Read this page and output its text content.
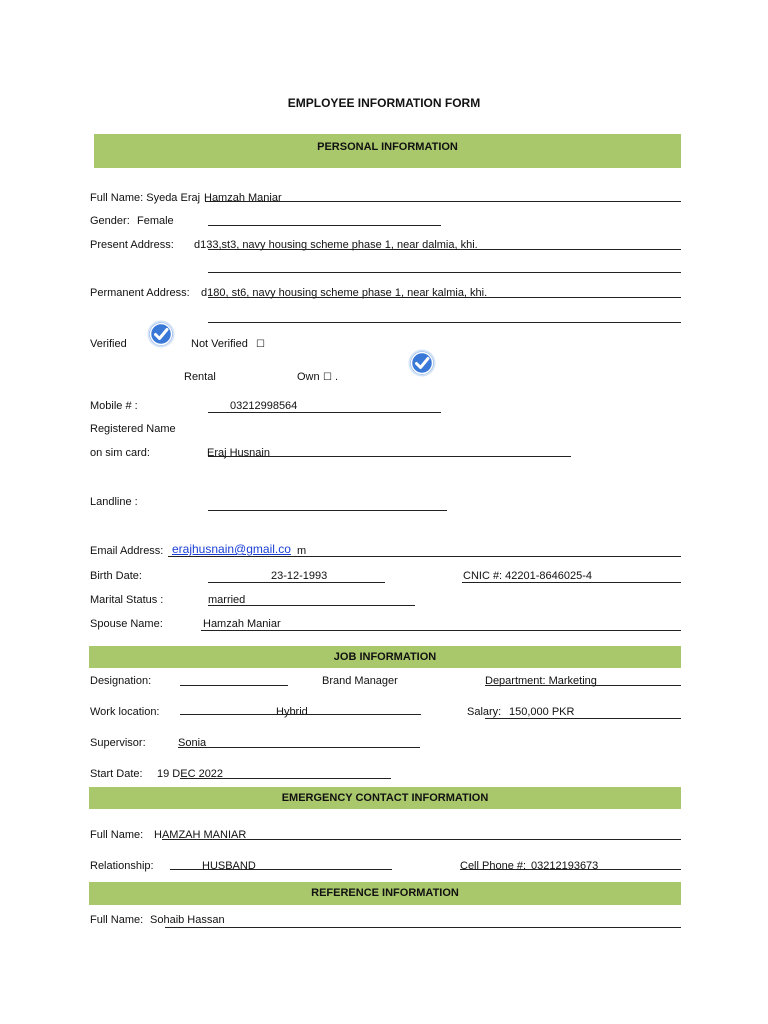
EMPLOYEE INFORMATION FORM
PERSONAL INFORMATION
Full Name: Syeda Eraj Hamzah Maniar
Gender: Female
Present Address: d133,st3, navy housing scheme phase 1, near dalmia, khi.
Permanent Address: d180, st6, navy housing scheme phase 1, near kalmia, khi.
Verified	Not Verified ☐
Rental	Own ☐ .
Mobile # :	03212998564
Registered Name
on sim card:	Eraj Husnain
Landline :
Email Address: erajhusnain@gmail.co m
Birth Date:	23-12-1993	CNIC #: 42201-8646025-4
Marital Status :	married
Spouse Name:	Hamzah Maniar
JOB INFORMATION
Designation:	Brand Manager	Department: Marketing
Work location:	Hybrid	Salary: 150,000 PKR
Supervisor:	Sonia
Start Date: 19 DEC 2022
EMERGENCY CONTACT INFORMATION
Full Name: HAMZAH MANIAR
Relationship:	HUSBAND	Cell Phone #: 03212193673
REFERENCE INFORMATION
Full Name: Sohaib Hassan
